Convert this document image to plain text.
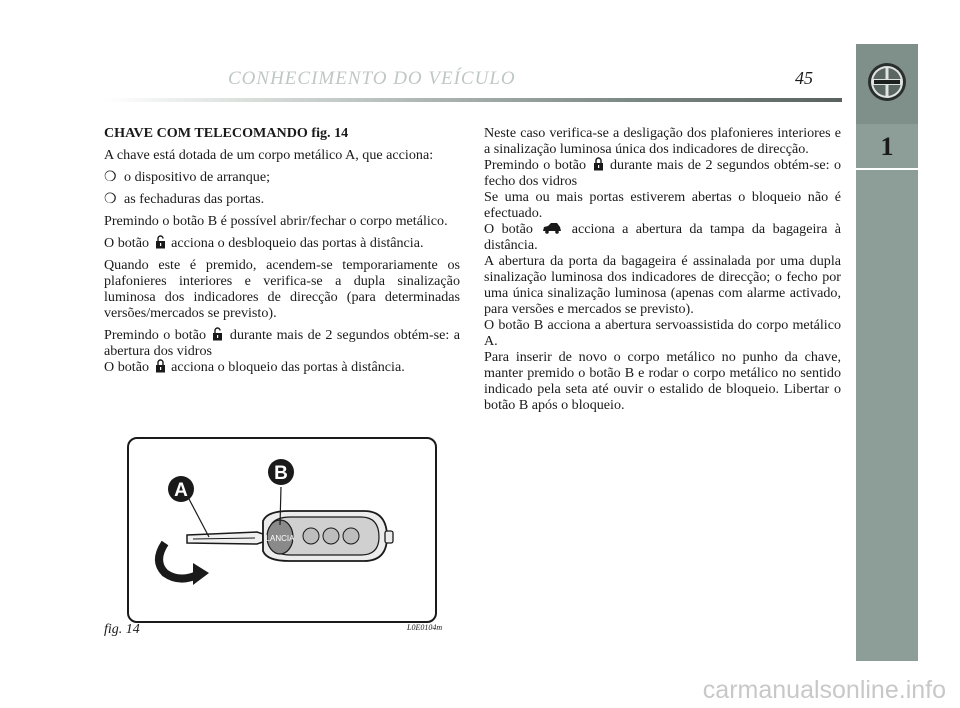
1
CONHECIMENTO DO VEÍCULO	45
CHAVE COM TELECOMANDO fig. 14

A chave está dotada de um corpo metálico A, que acciona:

❍ o dispositivo de arranque;

❍ as fechaduras das portas.

Premindo o botão B é possível abrir/fechar o corpo metálico.

O botão acciona o desbloqueio das portas à distância.

Quando este é premido, acendem-se temporariamente os plafonieres interiores e verifica-se a dupla sinalização luminosa dos indicadores de direcção (para determinadas versões/mercados se previsto).

Premindo o botão durante mais de 2 segundos obtém-se: a abertura dos vidros

O botão acciona o bloqueio das portas à distância.

Neste caso verifica-se a desligação dos plafonieres interiores e a sinalização luminosa única dos indicadores de direcção.

Premindo o botão durante mais de 2 segundos obtém-se: o fecho dos vidros

Se uma ou mais portas estiverem abertas o bloqueio não é efectuado.

O botão	acciona a abertura da tampa da bagageira à distância.

A abertura da porta da bagageira é assinalada por uma dupla sinalização luminosa dos indicadores de direcção; o fecho por uma única sinalização luminosa (apenas com alarme activado, para versões e mercados se previsto).

O botão B acciona a abertura servoassistida do corpo metálico A.

Para inserir de novo o corpo metálico no punho da chave, manter premido o botão B e rodar o corpo metálico no sentido indicado pela seta até ouvir o estalido de bloqueio. Libertar o botão B após o bloqueio.

LANCIA
A
B
fig. 14	L0E0104m
carmanualsonline.info
